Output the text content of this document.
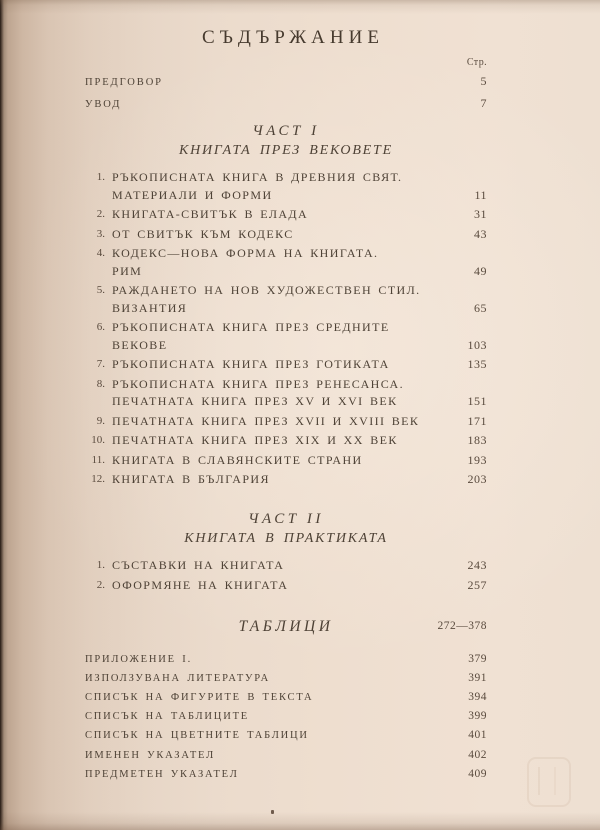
СЪДЪРЖАНИЕ
Стр.
ПРЕДГОВОР	5
УВОД	7
ЧАСТ I
КНИГАТА ПРЕЗ ВЕКОВЕТЕ
1. РЪКОПИСНАТА КНИГА В ДРЕВНИЯ СВЯТ.
МАТЕРИАЛИ И ФОРМИ	11
2. КНИГАТА-СВИТЪК В ЕЛАДА	31
3. ОТ СВИТЪК КЪМ КОДЕКС	43
4. КОДЕКС—НОВА ФОРМА НА КНИГАТА.
РИМ	49
5. РАЖДАНЕТО НА НОВ ХУДОЖЕСТВЕН СТИЛ.
ВИЗАНТИЯ	65
6. РЪКОПИСНАТА КНИГА ПРЕЗ СРЕДНИТЕ ВЕКОВЕ	103
7. РЪКОПИСНАТА КНИГА ПРЕЗ ГОТИКАТА	135
8. РЪКОПИСНАТА КНИГА ПРЕЗ РЕНЕСАНСА.
ПЕЧАТНАТА КНИГА ПРЕЗ XV И XVI ВЕК	151
9. ПЕЧАТНАТА КНИГА ПРЕЗ XVII И XVIII ВЕК	171
10. ПЕЧАТНАТА КНИГА ПРЕЗ XIX И XX ВЕК	183
11. КНИГАТА В СЛАВЯНСКИТЕ СТРАНИ	193
12. КНИГАТА В БЪЛГАРИЯ	203
ЧАСТ II
КНИГАТА В ПРАКТИКАТА
1. СЪСТАВКИ НА КНИГАТА	243
2. ОФОРМЯНЕ НА КНИГАТА	257
ТАБЛИЦИ	272—378
ПРИЛОЖЕНИЕ I.	379
ИЗПОЛЗУВАНА ЛИТЕРАТУРА	391
СПИСЪК НА ФИГУРИТЕ В ТЕКСТА	394
СПИСЪК НА ТАБЛИЦИТЕ	399
СПИСЪК НА ЦВЕТНИТЕ ТАБЛИЦИ	401
ИМЕНЕН УКАЗАТЕЛ	402
ПРЕДМЕТЕН УКАЗАТЕЛ	409
